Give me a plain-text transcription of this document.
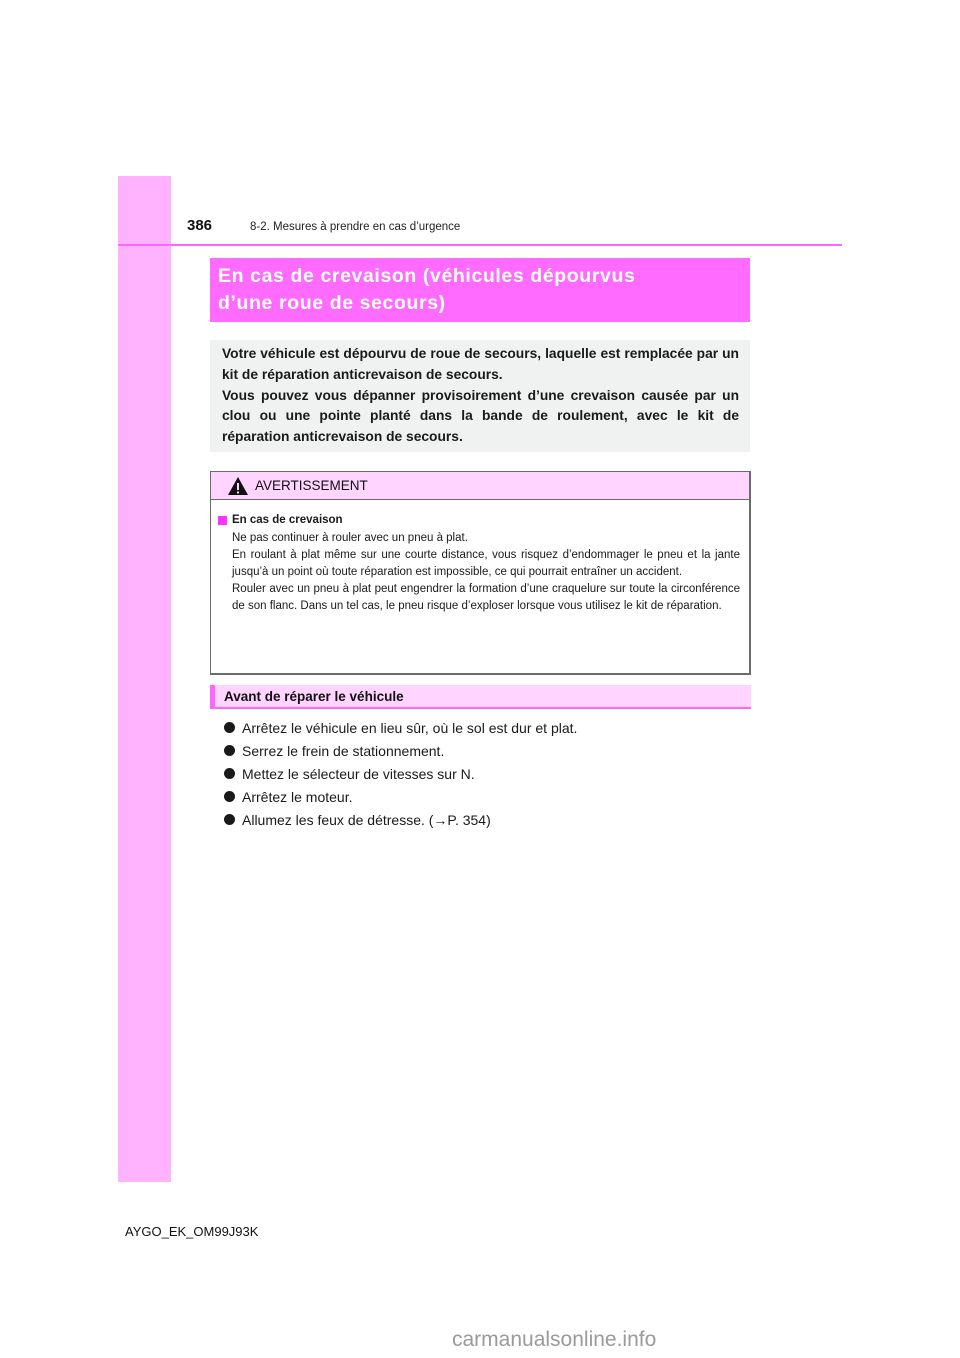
386	8-2. Mesures à prendre en cas d’urgence
En cas de crevaison (véhicules dépourvus
d’une roue de secours)

Votre véhicule est dépourvu de roue de secours, laquelle est remplacée par un kit de réparation anticrevaison de secours.

Vous pouvez vous dépanner provisoirement d’une crevaison causée par un clou ou une pointe planté dans la bande de roulement, avec le kit de réparation anticrevaison de secours.

AVERTISSEMENT
En cas de crevaison

Ne pas continuer à rouler avec un pneu à plat.

En roulant à plat même sur une courte distance, vous risquez d’endommager le pneu et la jante jusqu’à un point où toute réparation est impossible, ce qui pourrait entraîner un accident.

Rouler avec un pneu à plat peut engendrer la formation d’une craquelure sur toute la circonférence de son flanc. Dans un tel cas, le pneu risque d’exploser lorsque vous utilisez le kit de réparation.

Avant de réparer le véhicule
Arrêtez le véhicule en lieu sûr, où le sol est dur et plat.
Serrez le frein de stationnement.
Mettez le sélecteur de vitesses sur N.
Arrêtez le moteur.
Allumez les feux de détresse. (→P. 354)
AYGO_EK_OM99J93K
carmanualsonline.info
